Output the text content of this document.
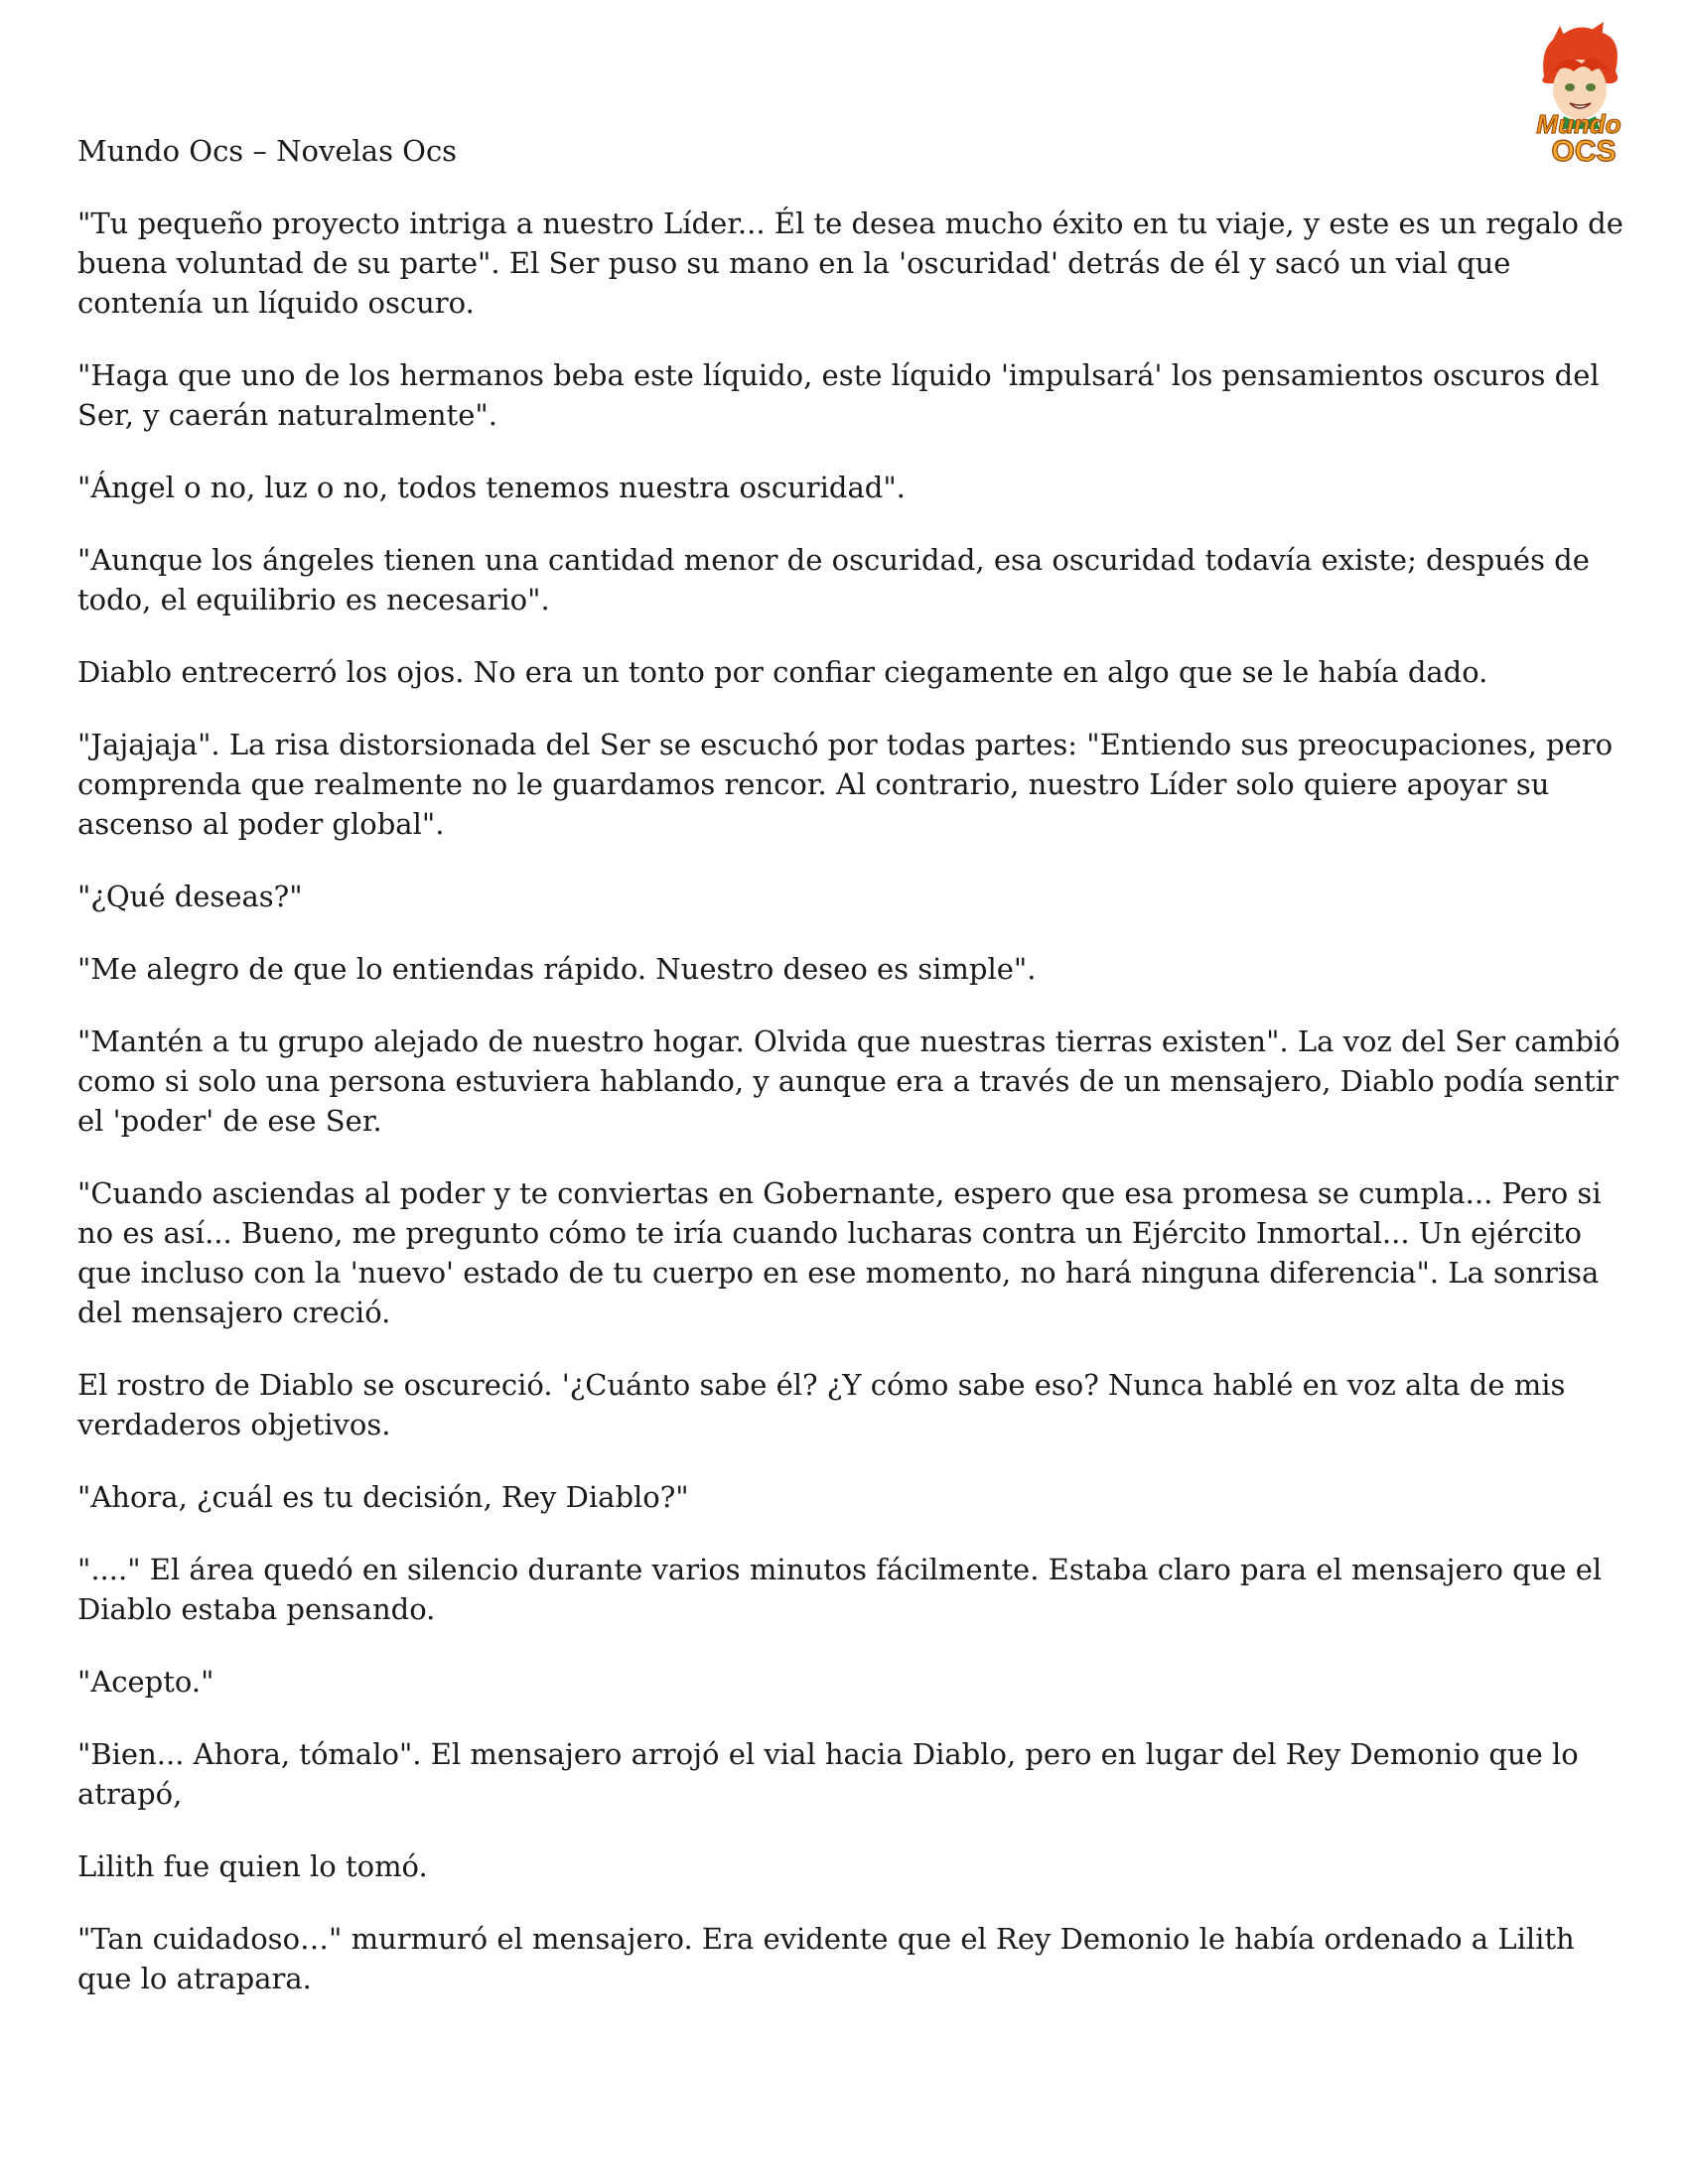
Mundo Ocs – Novelas Ocs
Mundo
OCS

"Tu pequeño proyecto intriga a nuestro Líder... Él te desea mucho éxito en tu viaje, y este es un regalo de buena voluntad de su parte". El Ser puso su mano en la 'oscuridad' detrás de él y sacó un vial que contenía un líquido oscuro.

"Haga que uno de los hermanos beba este líquido, este líquido 'impulsará' los pensamientos oscuros del Ser, y caerán naturalmente".

"Ángel o no, luz o no, todos tenemos nuestra oscuridad".

"Aunque los ángeles tienen una cantidad menor de oscuridad, esa oscuridad todavía existe; después de todo, el equilibrio es necesario".

Diablo entrecerró los ojos. No era un tonto por confiar ciegamente en algo que se le había dado.

"Jajajaja". La risa distorsionada del Ser se escuchó por todas partes: "Entiendo sus preocupaciones, pero comprenda que realmente no le guardamos rencor. Al contrario, nuestro Líder solo quiere apoyar su ascenso al poder global".

"¿Qué deseas?"

"Me alegro de que lo entiendas rápido. Nuestro deseo es simple".

"Mantén a tu grupo alejado de nuestro hogar. Olvida que nuestras tierras existen". La voz del Ser cambió como si solo una persona estuviera hablando, y aunque era a través de un mensajero, Diablo podía sentir el 'poder' de ese Ser.

"Cuando asciendas al poder y te conviertas en Gobernante, espero que esa promesa se cumpla... Pero si no es así... Bueno, me pregunto cómo te iría cuando lucharas contra un Ejército Inmortal... Un ejército que incluso con la 'nuevo' estado de tu cuerpo en ese momento, no hará ninguna diferencia". La sonrisa del mensajero creció.

El rostro de Diablo se oscureció. '¿Cuánto sabe él? ¿Y cómo sabe eso? Nunca hablé en voz alta de mis verdaderos objetivos.

"Ahora, ¿cuál es tu decisión, Rey Diablo?"

"...." El área quedó en silencio durante varios minutos fácilmente. Estaba claro para el mensajero que el Diablo estaba pensando.

"Acepto."

"Bien... Ahora, tómalo". El mensajero arrojó el vial hacia Diablo, pero en lugar del Rey Demonio que lo atrapó,

Lilith fue quien lo tomó.

"Tan cuidadoso…" murmuró el mensajero. Era evidente que el Rey Demonio le había ordenado a Lilith que lo atrapara.
